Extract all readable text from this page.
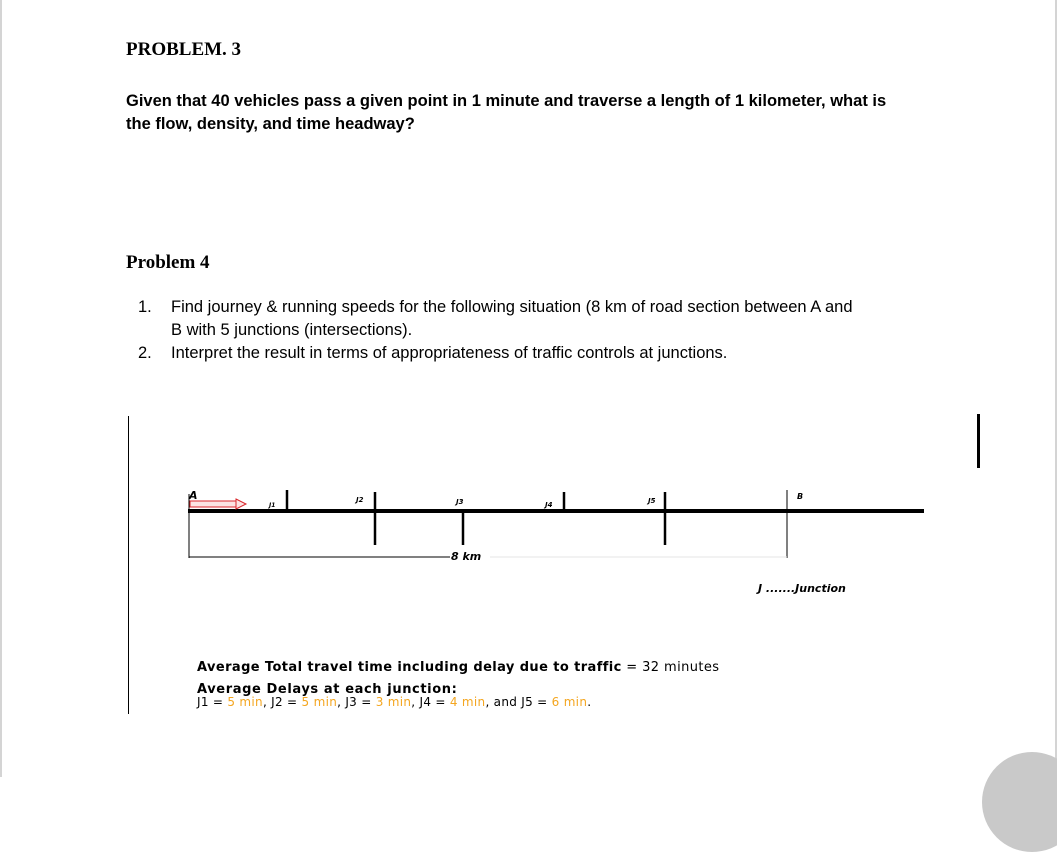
PROBLEM. 3

Given that 40 vehicles pass a given point in 1 minute and traverse a length of 1 kilometer, what is
the flow, density, and time headway?

Problem 4
1. Find journey & running speeds for the following situation (8 km of road section between A and
B with 5 junctions (intersections).
2. Interpret the result in terms of appropriateness of traffic controls at junctions.
A	B
J1
J2	J3	J4	J5
8 km

J .......Junction

Average Total travel time including delay due to traffic = 32 minutes

Average Delays at each junction:

J1 = 5 min, J2 = 5 min, J3 = 3 min, J4 = 4 min, and J5 = 6 min.
